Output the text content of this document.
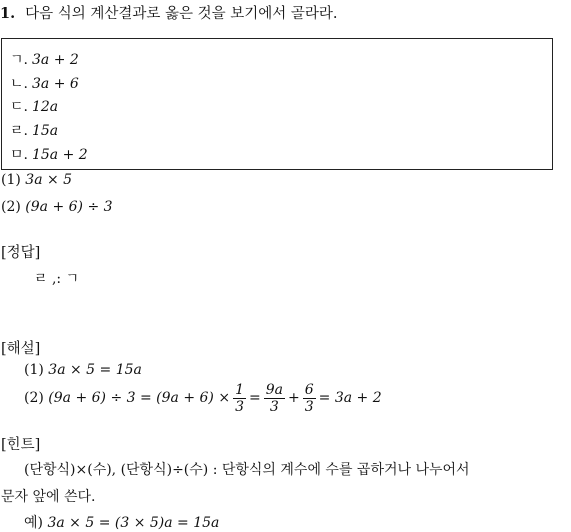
1. 다음 식의 계산결과로 옳은 것을 보기에서 골라라.
ㄱ. 3a + 2
ㄴ. 3a + 6
ㄷ. 12a
ㄹ. 15a
ㅁ. 15a + 2
(1) 3a × 5
(2) (9a + 6) ÷ 3
[정답]
ㄹ ,: ㄱ
[해설]
(1) 3a × 5 = 15a
(2)
$(9a + 6) \div 3 = (9a + 6) \times \frac{1}{3} = \frac{9a}{3} + \frac{6}{3} = 3a + 2$
[힌트]
(단항식)×(수), (단항식)÷(수) : 단항식의 계수에 수를 곱하거나 나누어서
문자 앞에 쓴다.
예) 3a × 5 = (3 × 5)a = 15a
